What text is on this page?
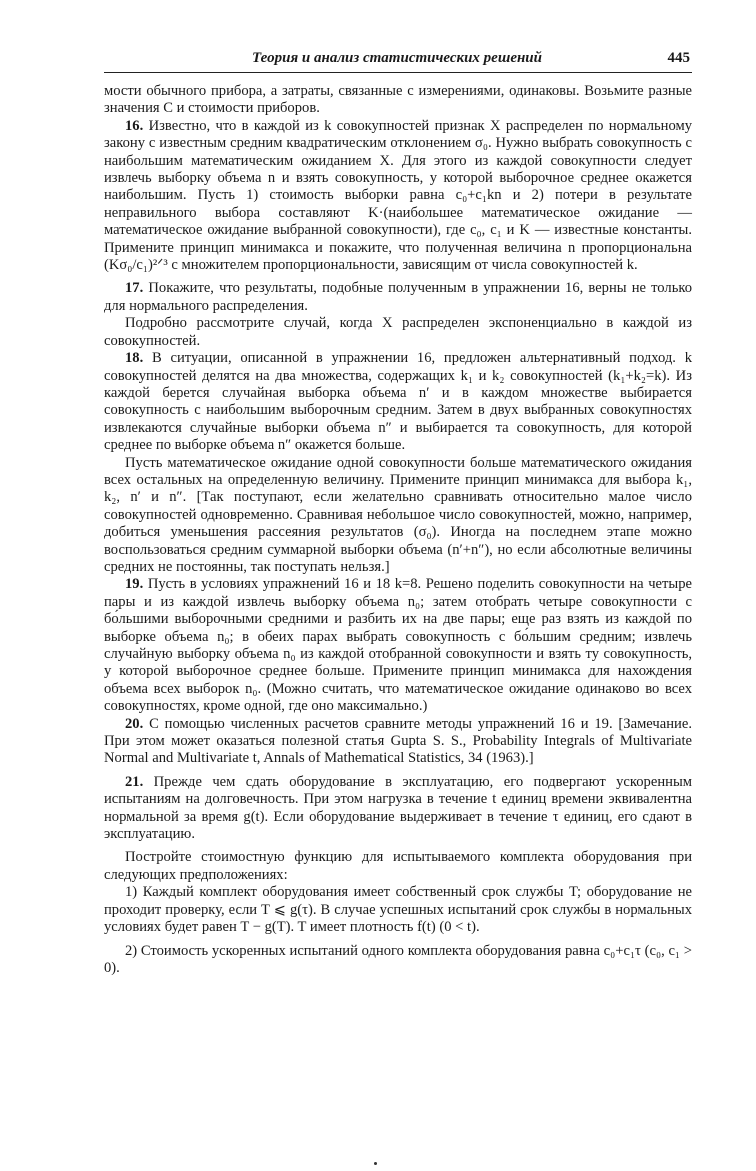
Теория и анализ статистических решений	445

мости обычного прибора, а затраты, связанные с измерениями, одинаковы. Возьмите разные значения C и стоимости приборов.

16. Известно, что в каждой из k совокупностей признак X распределен по нормальному закону с известным средним квадратическим отклонением σ₀. Нужно выбрать совокупность с наибольшим математическим ожиданием X. Для этого из каждой совокупности следует извлечь выборку объема n и взять совокупность, у которой выборочное среднее окажется наибольшим. Пусть 1) стоимость выборки равна c₀+c₁kn и 2) потери в результате неправильного выбора составляют K·(наибольшее математическое ожидание — математическое ожидание выбранной совокупности), где c₀, c₁ и K — известные константы. Примените принцип минимакса и покажите, что полученная величина n пропорциональна (Kσ₀/c₁)²ᐟ³ с множителем пропорциональности, зависящим от числа совокупностей k.

17. Покажите, что результаты, подобные полученным в упражнении 16, верны не только для нормального распределения.

Подробно рассмотрите случай, когда X распределен экспоненциально в каждой из совокупностей.

18. В ситуации, описанной в упражнении 16, предложен альтернативный подход. k совокупностей делятся на два множества, содержащих k₁ и k₂ совокупностей (k₁+k₂=k). Из каждой берется случайная выборка объема n′ и в каждом множестве выбирается совокупность с наибольшим выборочным средним. Затем в двух выбранных совокупностях извлекаются случайные выборки объема n″ и выбирается та совокупность, для которой среднее по выборке объема n″ окажется больше.

Пусть математическое ожидание одной совокупности больше математического ожидания всех остальных на определенную величину. Примените принцип минимакса для выбора k₁, k₂, n′ и n″. [Так поступают, если желательно сравнивать относительно малое число совокупностей одновременно. Сравнивая небольшое число совокупностей, можно, например, добиться уменьшения рассеяния результатов (σ₀). Иногда на последнем этапе можно воспользоваться средним суммарной выборки объема (n′+n″), но если абсолютные величины средних не постоянны, так поступать нельзя.]

19. Пусть в условиях упражнений 16 и 18 k=8. Решено поделить совокупности на четыре пары и из каждой извлечь выборку объема n₀; затем отобрать четыре совокупности с бо́льшими выборочными средними и разбить их на две пары; еще раз взять из каждой по выборке объема n₀; в обеих парах выбрать совокупность с бо́льшим средним; извлечь случайную выборку объема n₀ из каждой отобранной совокупности и взять ту совокупность, у которой выборочное среднее больше. Примените принцип минимакса для нахождения объема всех выборок n₀. (Можно считать, что математическое ожидание одинаково во всех совокупностях, кроме одной, где оно максимально.)

20. С помощью численных расчетов сравните методы упражнений 16 и 19. [Замечание. При этом может оказаться полезной статья Gupta S. S., Probability Integrals of Multivariate Normal and Multivariate t, Annals of Mathematical Statistics, 34 (1963).]

21. Прежде чем сдать оборудование в эксплуатацию, его подвергают ускоренным испытаниям на долговечность. При этом нагрузка в течение t единиц времени эквивалентна нормальной за время g(t). Если оборудование выдерживает в течение τ единиц, его сдают в эксплуатацию.

Постройте стоимостную функцию для испытываемого комплекта оборудования при следующих предположениях:

1) Каждый комплект оборудования имеет собственный срок службы T; оборудование не проходит проверку, если T ⩽ g(τ). В случае успешных испытаний срок службы в нормальных условиях будет равен T − g(T). T имеет плотность f(t) (0 < t).

2) Стоимость ускоренных испытаний одного комплекта оборудования равна c₀+c₁τ (c₀, c₁ > 0).
